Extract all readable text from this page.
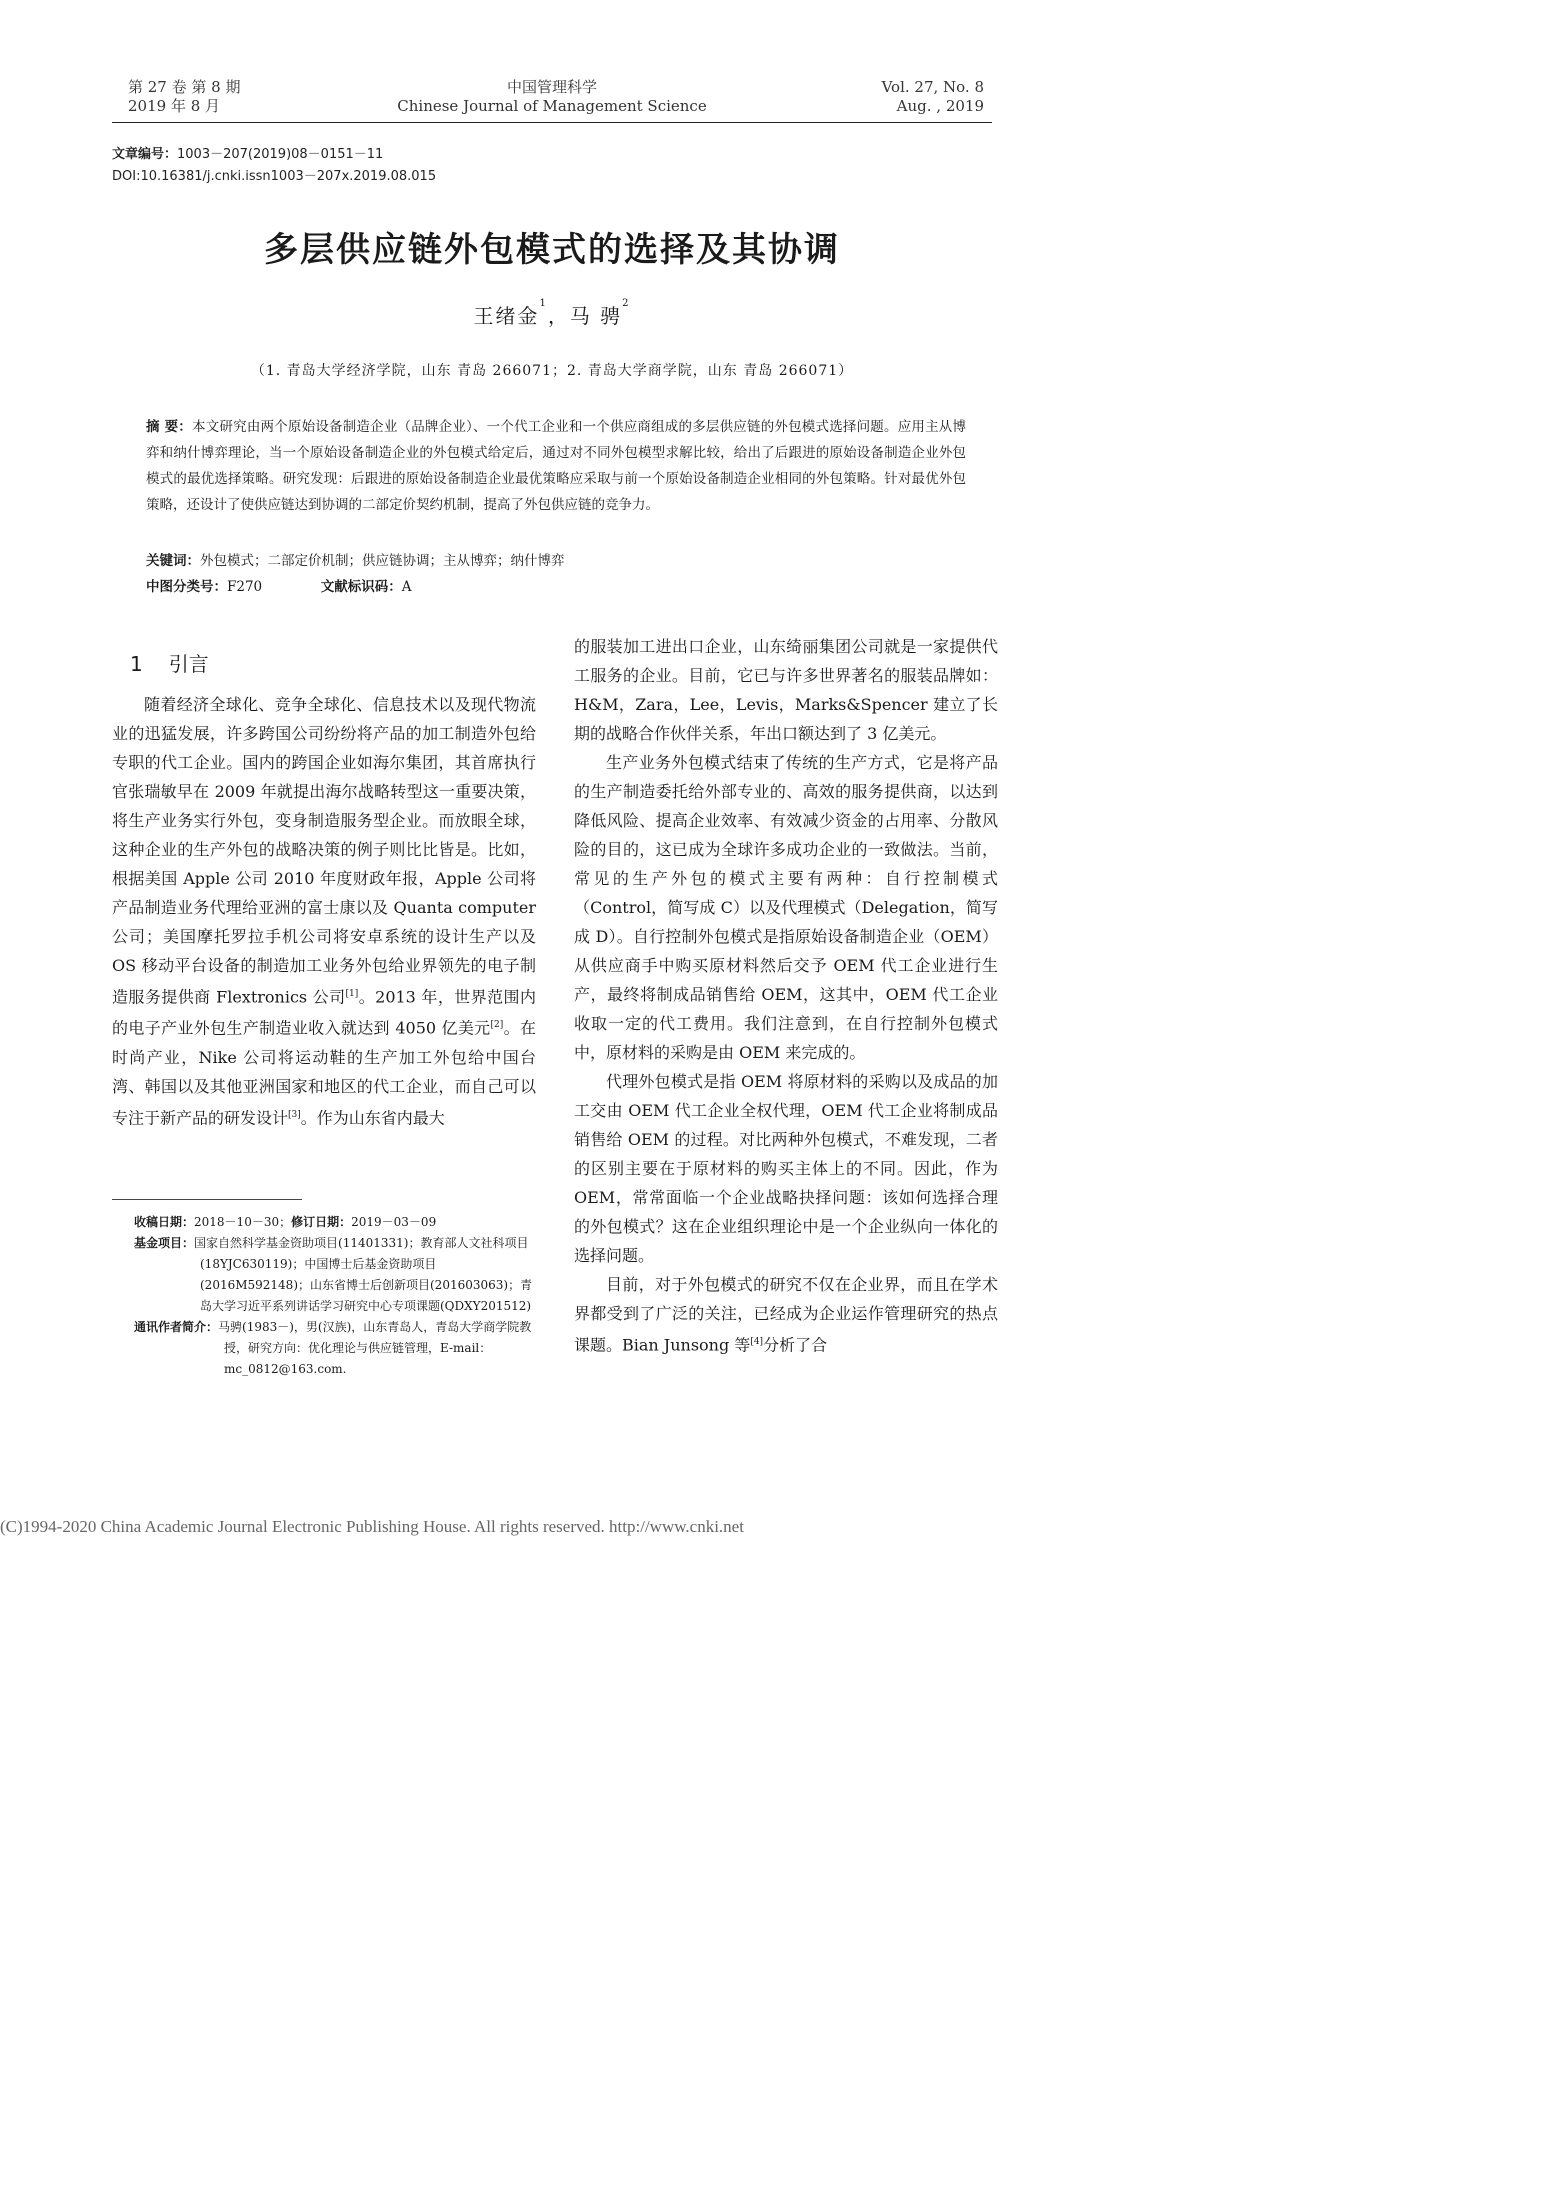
第 27 卷 第 8 期
2019 年 8 月
中国管理科学
Chinese Journal of Management Science
Vol. 27, No. 8
Aug. , 2019
文章编号：1003－207(2019)08－0151－11
DOI:10.16381/j.cnki.issn1003－207x.2019.08.015
多层供应链外包模式的选择及其协调
王绪金$^1$，马 骋$^2$
（1. 青岛大学经济学院，山东 青岛 266071；2. 青岛大学商学院，山东 青岛 266071）
摘 要：本文研究由两个原始设备制造企业（品牌企业）、一个代工企业和一个供应商组成的多层供应链的外包模式选择问题。应用主从博弈和纳什博弈理论，当一个原始设备制造企业的外包模式给定后，通过对不同外包模型求解比较，给出了后跟进的原始设备制造企业外包模式的最优选择策略。研究发现：后跟进的原始设备制造企业最优策略应采取与前一个原始设备制造企业相同的外包策略。针对最优外包策略，还设计了使供应链达到协调的二部定价契约机制，提高了外包供应链的竞争力。
关键词：外包模式；二部定价机制；供应链协调；主从博弈；纳什博弈
中图分类号：F270	文献标识码：A
1 引言

随着经济全球化、竞争全球化、信息技术以及现代物流业的迅猛发展，许多跨国公司纷纷将产品的加工制造外包给专职的代工企业。国内的跨国企业如海尔集团，其首席执行官张瑞敏早在 2009 年就提出海尔战略转型这一重要决策，将生产业务实行外包，变身制造服务型企业。而放眼全球，这种企业的生产外包的战略决策的例子则比比皆是。比如，根据美国 Apple 公司 2010 年度财政年报，Apple 公司将产品制造业务代理给亚洲的富士康以及 Quanta computer 公司；美国摩托罗拉手机公司将安卓系统的设计生产以及 OS 移动平台设备的制造加工业务外包给业界领先的电子制造服务提供商 Flextronics 公司[1]。2013 年，世界范围内的电子产业外包生产制造业收入就达到 4050 亿美元[2]。在时尚产业，Nike 公司将运动鞋的生产加工外包给中国台湾、韩国以及其他亚洲国家和地区的代工企业，而自己可以专注于新产品的研发设计[3]。作为山东省内最大

收稿日期：2018－10－30；修订日期：2019－03－09
基金项目：国家自然科学基金资助项目(11401331)；教育部人文社科项目(18YJC630119)；中国博士后基金资助项目(2016M592148)；山东省博士后创新项目(201603063)；青岛大学习近平系列讲话学习研究中心专项课题(QDXY201512)
通讯作者简介：马骋(1983－)，男(汉族)，山东青岛人，青岛大学商学院教授，研究方向：优化理论与供应链管理，E-mail：mc_0812@163.com.

的服装加工进出口企业，山东绮丽集团公司就是一家提供代工服务的企业。目前，它已与许多世界著名的服装品牌如：H&M，Zara，Lee，Levis，Marks&Spencer 建立了长期的战略合作伙伴关系，年出口额达到了 3 亿美元。

生产业务外包模式结束了传统的生产方式，它是将产品的生产制造委托给外部专业的、高效的服务提供商，以达到降低风险、提高企业效率、有效减少资金的占用率、分散风险的目的，这已成为全球许多成功企业的一致做法。当前，常见的生产外包的模式主要有两种：自行控制模式（Control，简写成 C）以及代理模式（Delegation，简写成 D）。自行控制外包模式是指原始设备制造企业（OEM）从供应商手中购买原材料然后交予 OEM 代工企业进行生产，最终将制成品销售给 OEM，这其中，OEM 代工企业收取一定的代工费用。我们注意到，在自行控制外包模式中，原材料的采购是由 OEM 来完成的。

代理外包模式是指 OEM 将原材料的采购以及成品的加工交由 OEM 代工企业全权代理，OEM 代工企业将制成品销售给 OEM 的过程。对比两种外包模式，不难发现，二者的区别主要在于原材料的购买主体上的不同。因此，作为 OEM，常常面临一个企业战略抉择问题：该如何选择合理的外包模式？这在企业组织理论中是一个企业纵向一体化的选择问题。

目前，对于外包模式的研究不仅在企业界，而且在学术界都受到了广泛的关注，已经成为企业运作管理研究的热点课题。Bian Junsong 等[4]分析了合

(C)1994-2020 China Academic Journal Electronic Publishing House. All rights reserved. http://www.cnki.net
